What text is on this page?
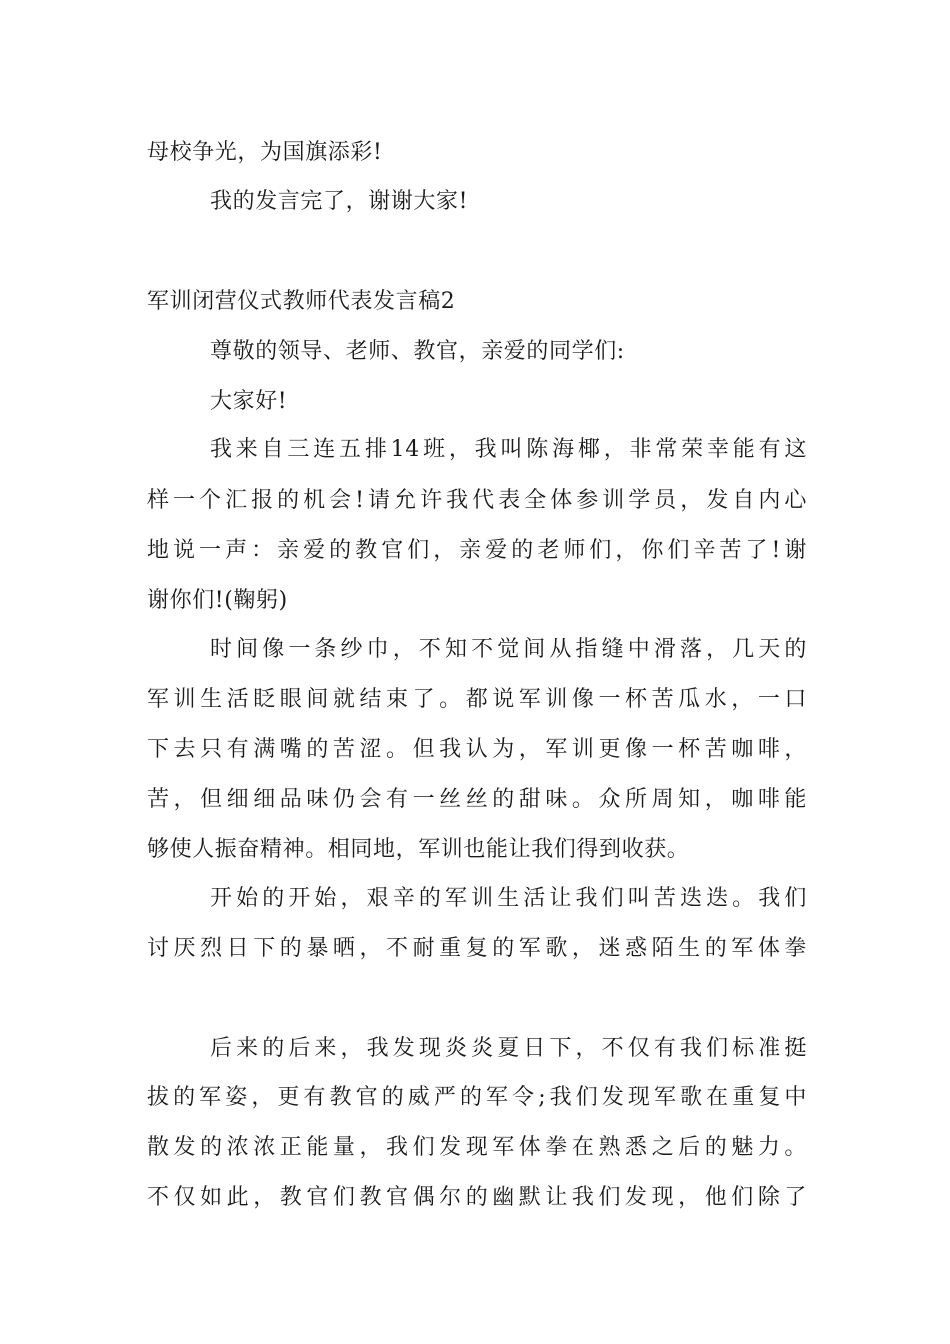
母校争光，为国旗添彩!
我的发言完了，谢谢大家!
军训闭营仪式教师代表发言稿2
尊敬的领导、老师、教官，亲爱的同学们:
大家好!
我来自三连五排14班，我叫陈海椰，非常荣幸能有这
样一个汇报的机会!请允许我代表全体参训学员，发自内心
地说一声：亲爱的教官们，亲爱的老师们，你们辛苦了!谢
谢你们!(鞠躬)
时间像一条纱巾，不知不觉间从指缝中滑落，几天的
军训生活眨眼间就结束了。都说军训像一杯苦瓜水，一口
下去只有满嘴的苦涩。但我认为，军训更像一杯苦咖啡，
苦，但细细品味仍会有一丝丝的甜味。众所周知，咖啡能
够使人振奋精神。相同地，军训也能让我们得到收获。
开始的开始，艰辛的军训生活让我们叫苦迭迭。我们
讨厌烈日下的暴晒，不耐重复的军歌，迷惑陌生的军体拳
后来的后来，我发现炎炎夏日下，不仅有我们标准挺
拔的军姿，更有教官的威严的军令;我们发现军歌在重复中
散发的浓浓正能量，我们发现军体拳在熟悉之后的魅力。
不仅如此，教官们教官偶尔的幽默让我们发现，他们除了
